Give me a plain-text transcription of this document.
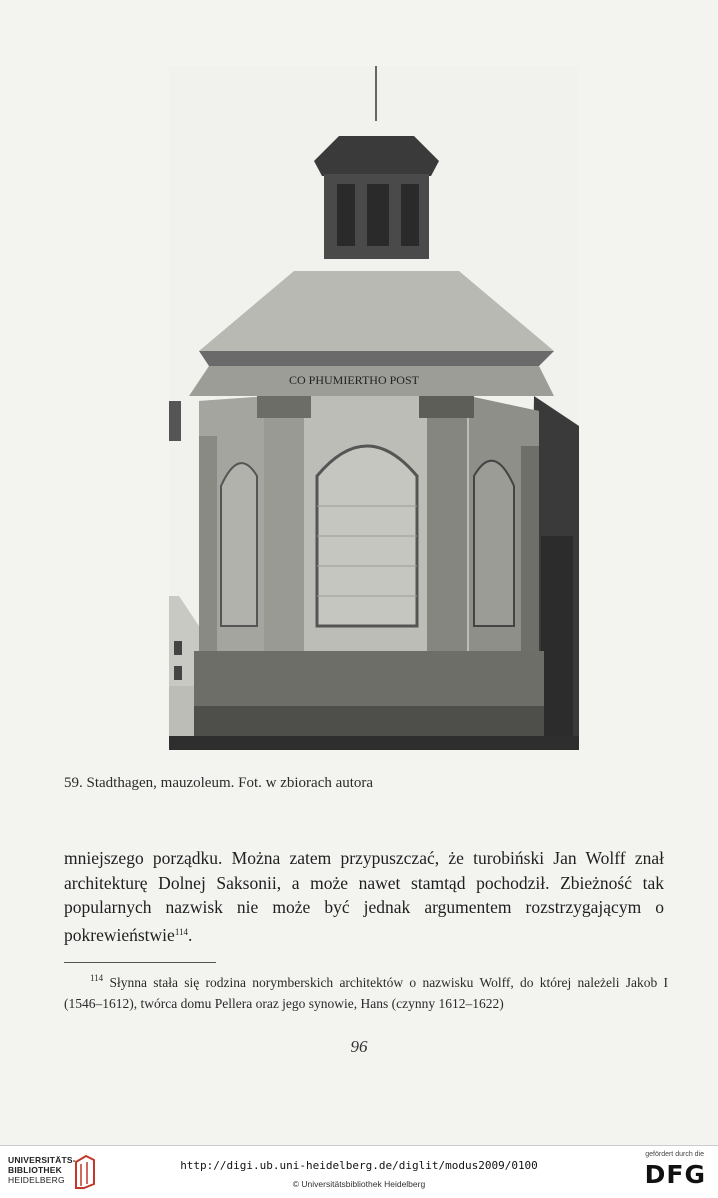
CO PHUMIERTHO POST
59. Stadthagen, mauzoleum. Fot. w zbiorach autora

mniejszego porządku. Można zatem przypuszczać, że turobiński Jan Wolff znał architekturę Dolnej Saksonii, a może nawet stamtąd pochodził. Zbieżność tak popularnych nazwisk nie może być jednak argumentem rozstrzygającym o pokrewieństwie$^{114}$.

$^{114}$ Słynna stała się rodzina norymberskich architektów o nazwisku Wolff, do której należeli Jakob I (1546–1612), twórca domu Pellera oraz jego synowie, Hans (czynny 1612–1622)
96
UNIVERSITÄTS-
BIBLIOTHEK
HEIDELBERG
http://digi.ub.uni-heidelberg.de/diglit/modus2009/0100
© Universitätsbibliothek Heidelberg
gefördert durch die
DFG
